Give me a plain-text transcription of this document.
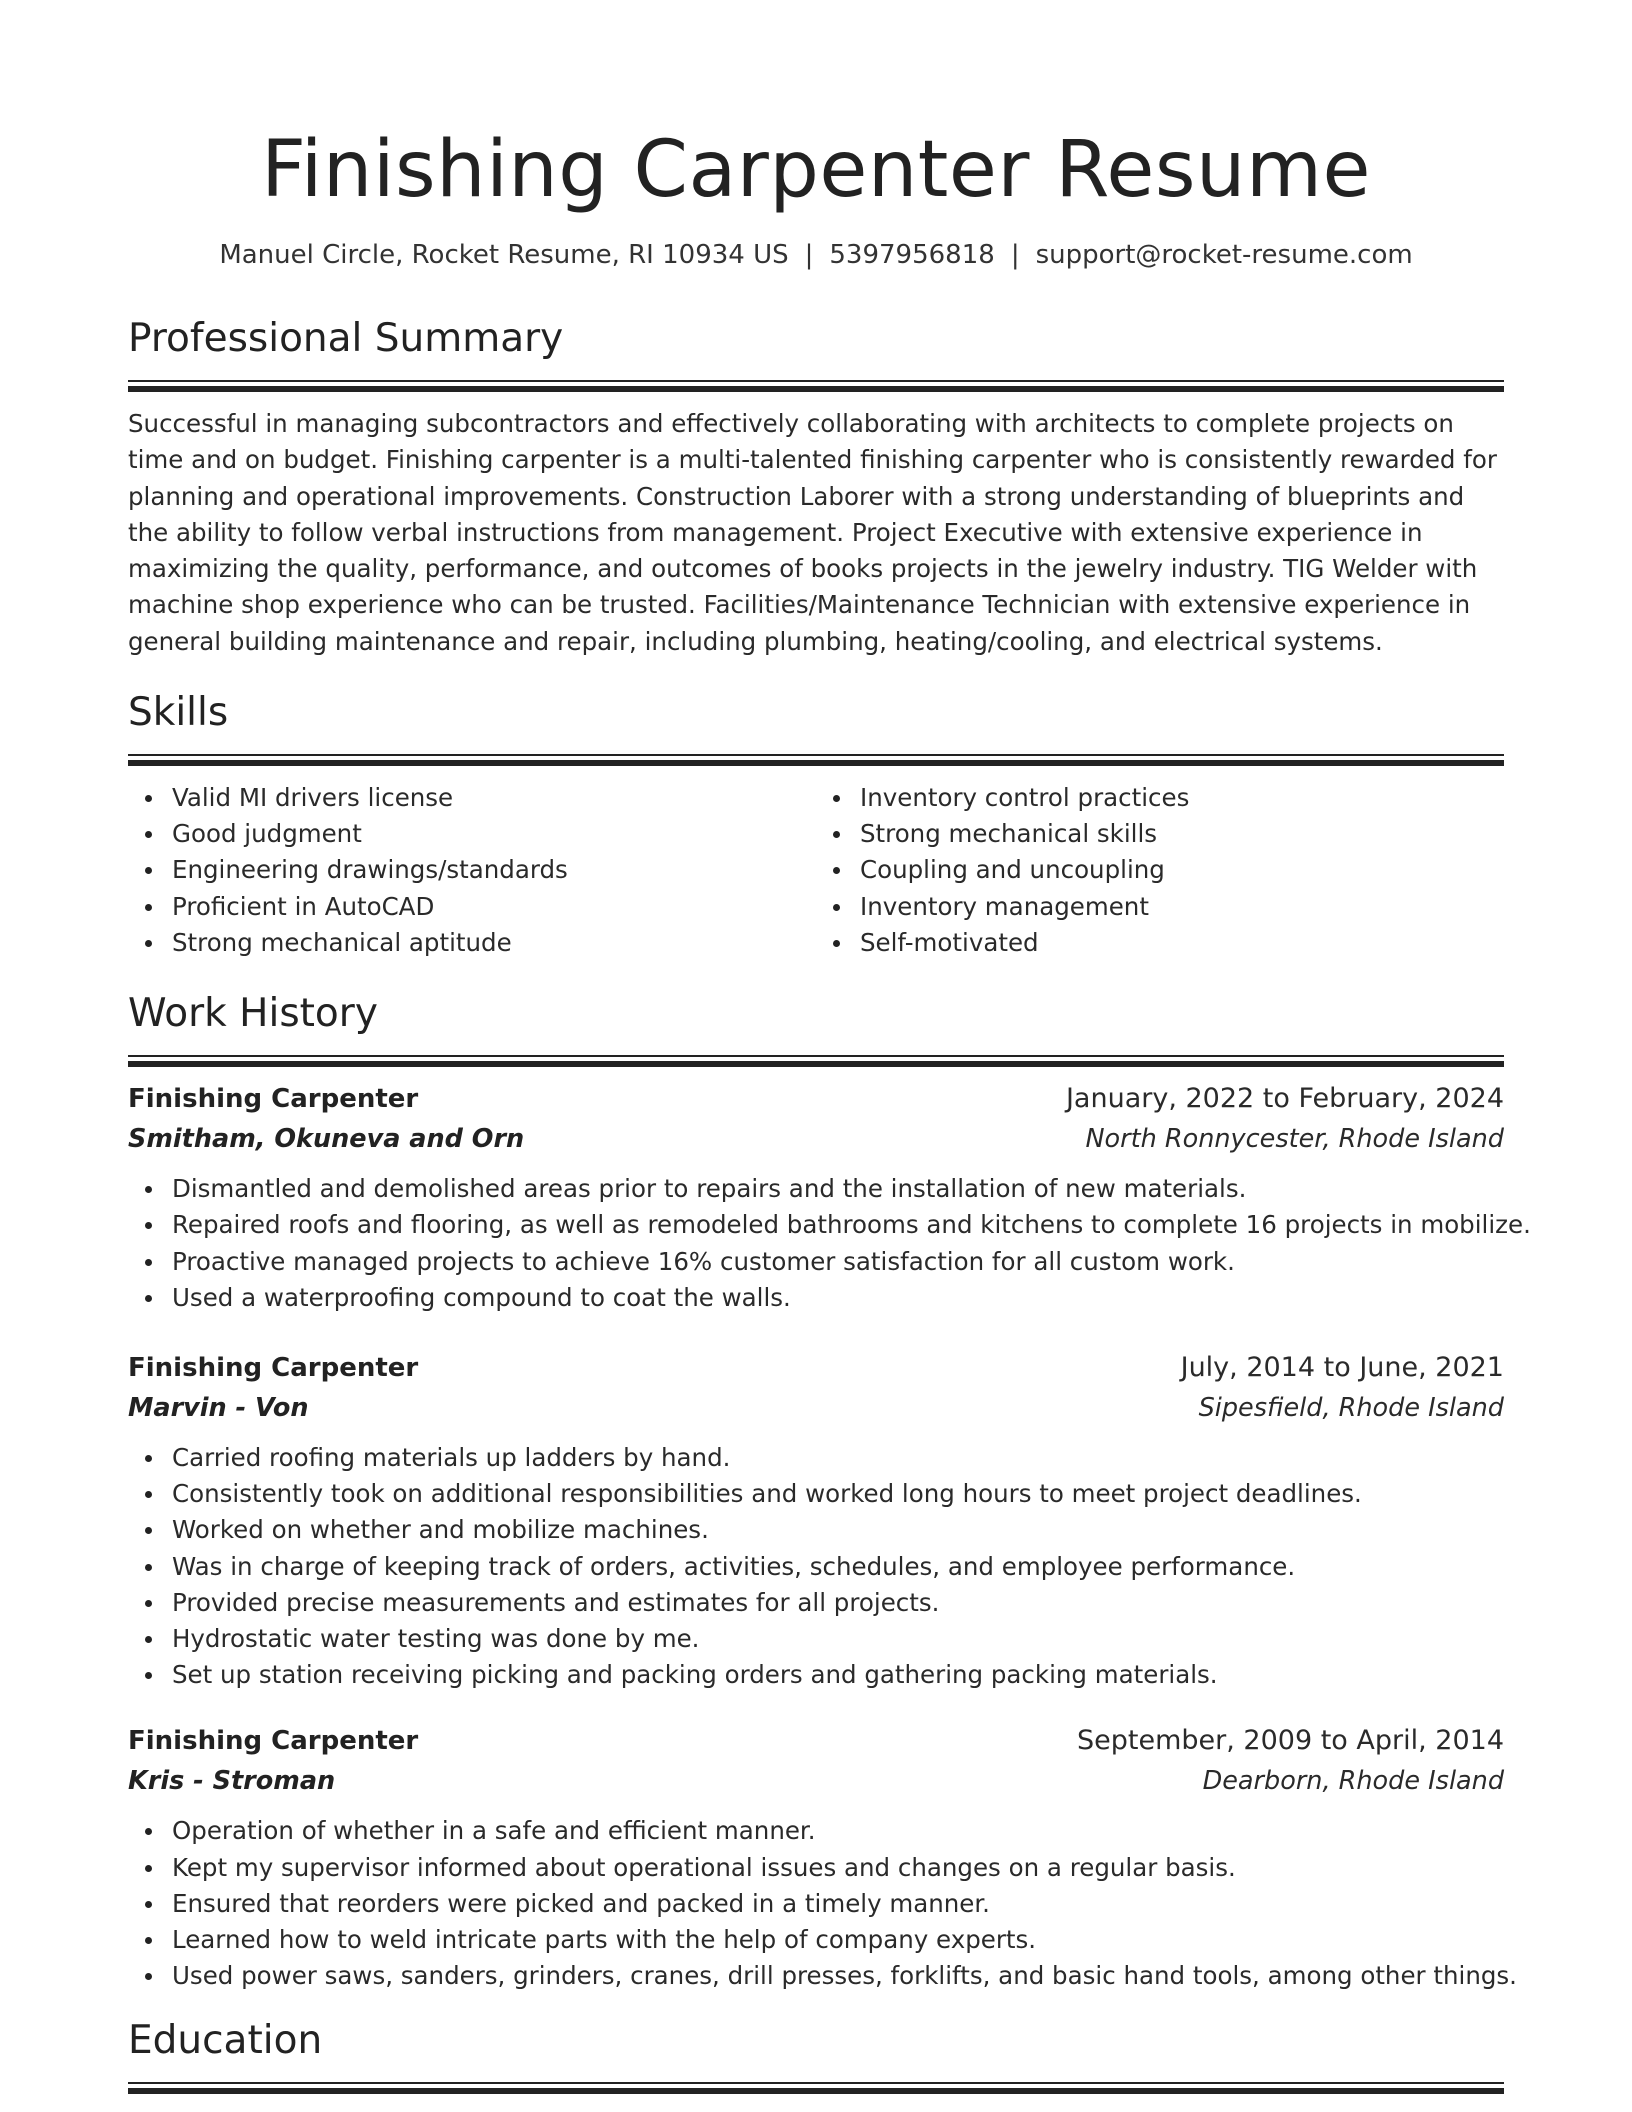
Finishing Carpenter Resume
Manuel Circle, Rocket Resume, RI 10934 US | 5397956818 | support@rocket-resume.com
Professional Summary

Successful in managing subcontractors and effectively collaborating with architects to complete projects on time and on budget. Finishing carpenter is a multi-talented finishing carpenter who is consistently rewarded for planning and operational improvements. Construction Laborer with a strong understanding of blueprints and the ability to follow verbal instructions from management. Project Executive with extensive experience in maximizing the quality, performance, and outcomes of books projects in the jewelry industry. TIG Welder with machine shop experience who can be trusted. Facilities/Maintenance Technician with extensive experience in general building maintenance and repair, including plumbing, heating/cooling, and electrical systems.

Skills
Valid MI drivers license
Good judgment
Engineering drawings/standards
Proficient in AutoCAD
Strong mechanical aptitude
Inventory control practices
Strong mechanical skills
Coupling and uncoupling
Inventory management
Self-motivated
Work History
Finishing Carpenter	January, 2022 to February, 2024
Smitham, Okuneva and Orn	North Ronnycester, Rhode Island
Dismantled and demolished areas prior to repairs and the installation of new materials.
Repaired roofs and flooring, as well as remodeled bathrooms and kitchens to complete 16 projects in mobilize.
Proactive managed projects to achieve 16% customer satisfaction for all custom work.
Used a waterproofing compound to coat the walls.
Finishing Carpenter	July, 2014 to June, 2021
Marvin - Von	Sipesfield, Rhode Island
Carried roofing materials up ladders by hand.
Consistently took on additional responsibilities and worked long hours to meet project deadlines.
Worked on whether and mobilize machines.
Was in charge of keeping track of orders, activities, schedules, and employee performance.
Provided precise measurements and estimates for all projects.
Hydrostatic water testing was done by me.
Set up station receiving picking and packing orders and gathering packing materials.
Finishing Carpenter	September, 2009 to April, 2014
Kris - Stroman	Dearborn, Rhode Island
Operation of whether in a safe and efficient manner.
Kept my supervisor informed about operational issues and changes on a regular basis.
Ensured that reorders were picked and packed in a timely manner.
Learned how to weld intricate parts with the help of company experts.
Used power saws, sanders, grinders, cranes, drill presses, forklifts, and basic hand tools, among other things.
Education
